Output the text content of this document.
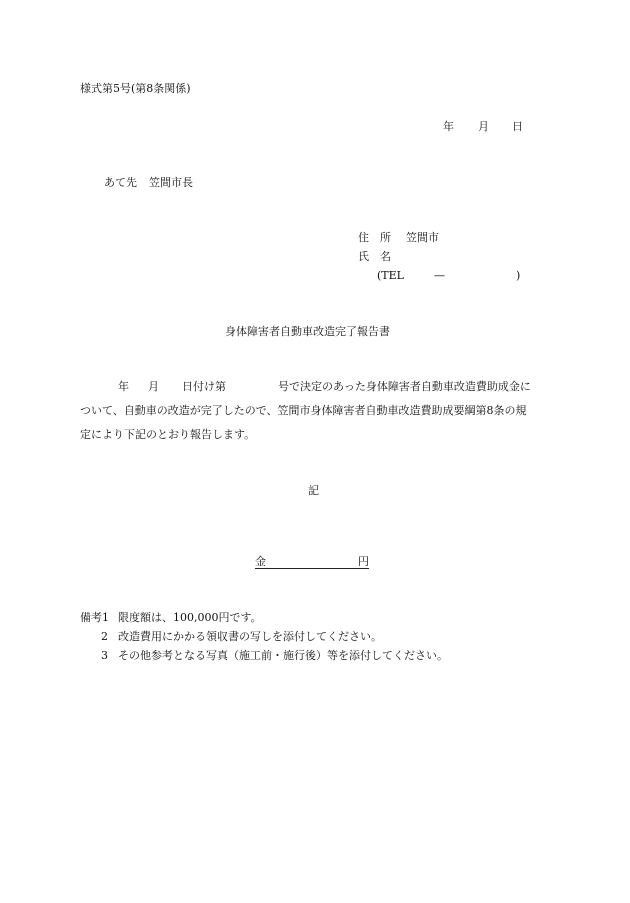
様式第5号(第8条関係)
年 月 日
あて先 笠間市長
住　所 笠間市
氏　名
(TEL	—	)
身体障害者自動車改造完了報告書
年 月 日付け第	号で決定のあった身体障害者自動車改造費助成金に
ついて、自動車の改造が完了したので、笠間市身体障害者自動車改造費助成要綱第8条の規
定により下記のとおり報告します。
記
金	円
備考1 限度額は、100,000円です。
2 改造費用にかかる領収書の写しを添付してください。
3 その他参考となる写真（施工前・施行後）等を添付してください。
